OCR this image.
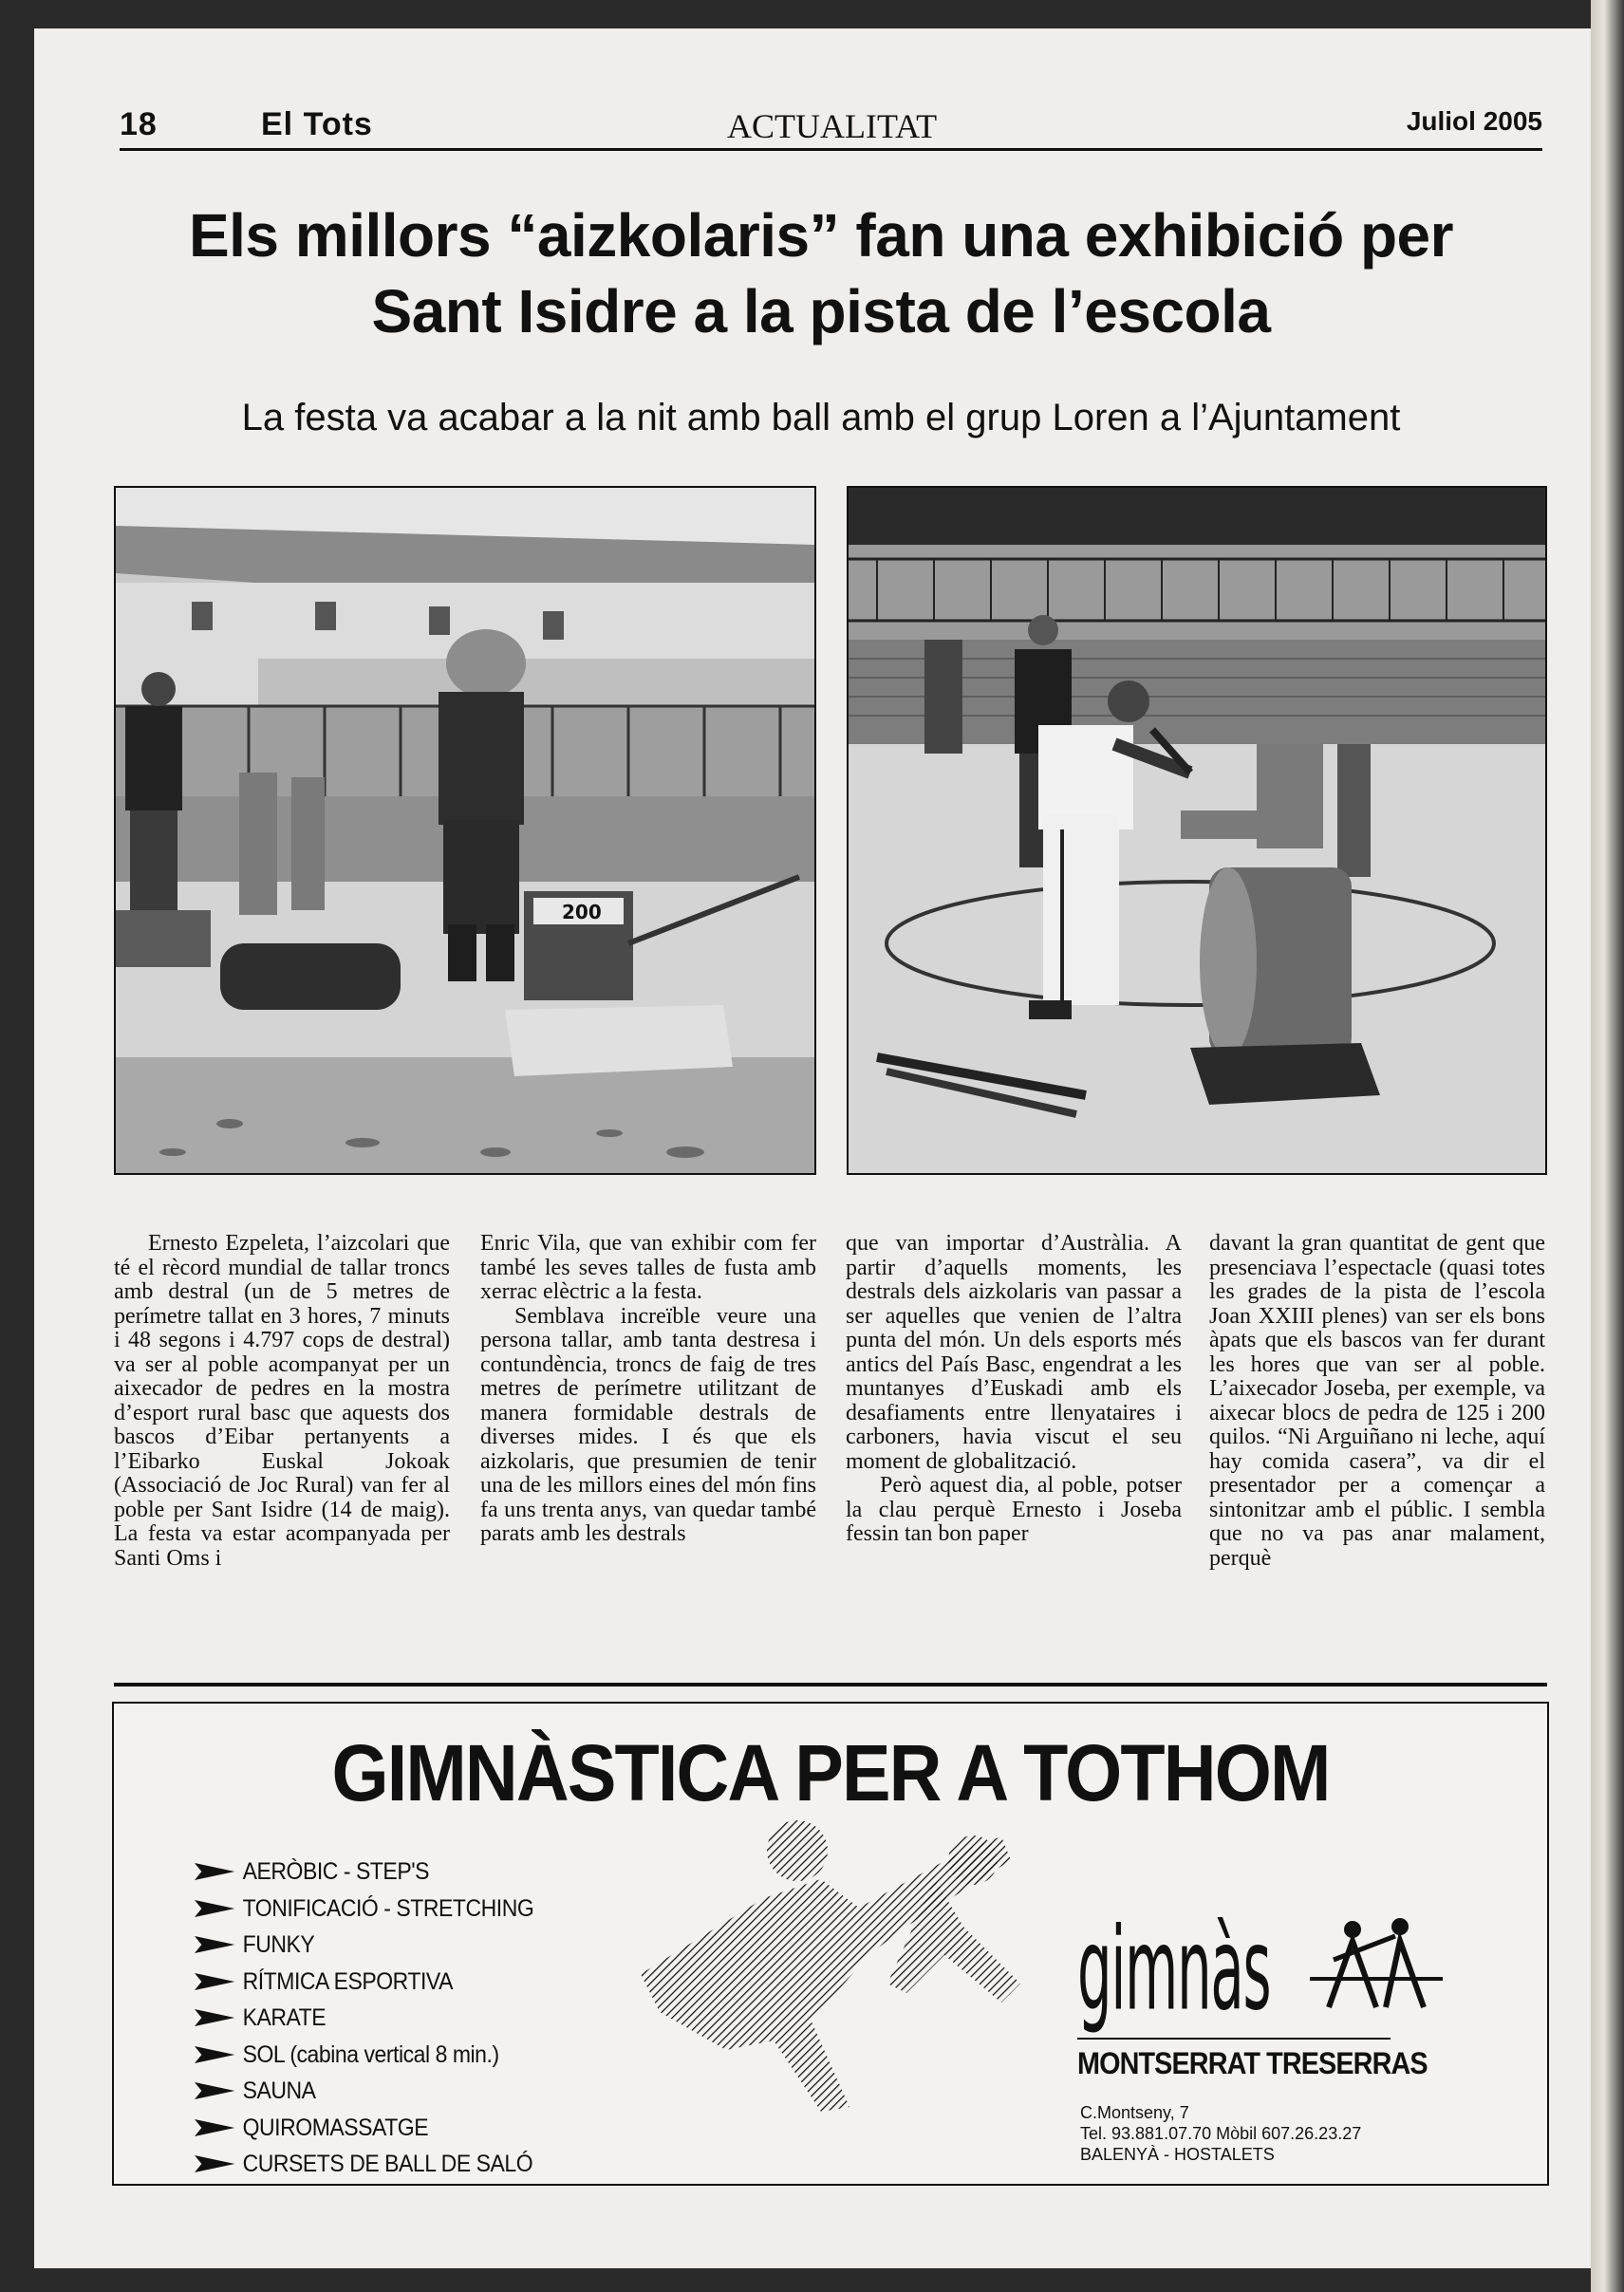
18	El Tots	ACTUALITAT	Juliol 2005
Els millors “aizkolaris” fan una exhibició per
Sant Isidre a la pista de l’escola
La festa va acabar a la nit amb ball amb el grup Loren a l’Ajuntament
200

Ernesto Ezpeleta, l’aizcolari que té el rècord mundial de tallar troncs amb destral (un de 5 metres de perímetre tallat en 3 hores, 7 minuts i 48 segons i 4.797 cops de destral) va ser al poble acompanyat per un aixecador de pedres en la mostra d’esport rural basc que aquests dos bascos d’Eibar pertanyents a l’Eibarko Euskal Jokoak (Associació de Joc Rural) van fer al poble per Sant Isidre (14 de maig). La festa va estar acompanyada per Santi Oms i

Enric Vila, que van exhibir com fer també les seves talles de fusta amb xerrac elèctric a la festa.

Semblava increïble veure una persona tallar, amb tanta destresa i contundència, troncs de faig de tres metres de perímetre utilitzant de manera formidable destrals de diverses mides. I és que els aizkolaris, que presumien de tenir una de les millors eines del món fins fa uns trenta anys, van quedar també parats amb les destrals

que van importar d’Austràlia. A partir d’aquells moments, les destrals dels aizkolaris van passar a ser aquelles que venien de l’altra punta del món. Un dels esports més antics del País Basc, engendrat a les muntanyes d’Euskadi amb els desafiaments entre llenyataires i carboners, havia viscut el seu moment de globalització.

Però aquest dia, al poble, potser la clau perquè Ernesto i Joseba fessin tan bon paper

davant la gran quantitat de gent que presenciava l’espectacle (quasi totes les grades de la pista de l’escola Joan XXIII plenes) van ser els bons àpats que els bascos van fer durant les hores que van ser al poble. L’aixecador Joseba, per exemple, va aixecar blocs de pedra de 125 i 200 quilos. “Ni Arguiñano ni leche, aquí hay comida casera”, va dir el presentador per a començar a sintonitzar amb el públic. I sembla que no va pas anar malament, perquè

GIMNÀSTICA PER A TOTHOM
AERÒBIC - STEP'S
TONIFICACIÓ - STRETCHING
FUNKY
RÍTMICA ESPORTIVA
KARATE
SOL (cabina vertical 8 min.)
SAUNA
QUIROMASSATGE
CURSETS DE BALL DE SALÓ
gimnàs
MONTSERRAT TRESERRAS
C.Montseny, 7
Tel. 93.881.07.70 Mòbil 607.26.23.27
BALENYÀ - HOSTALETS
